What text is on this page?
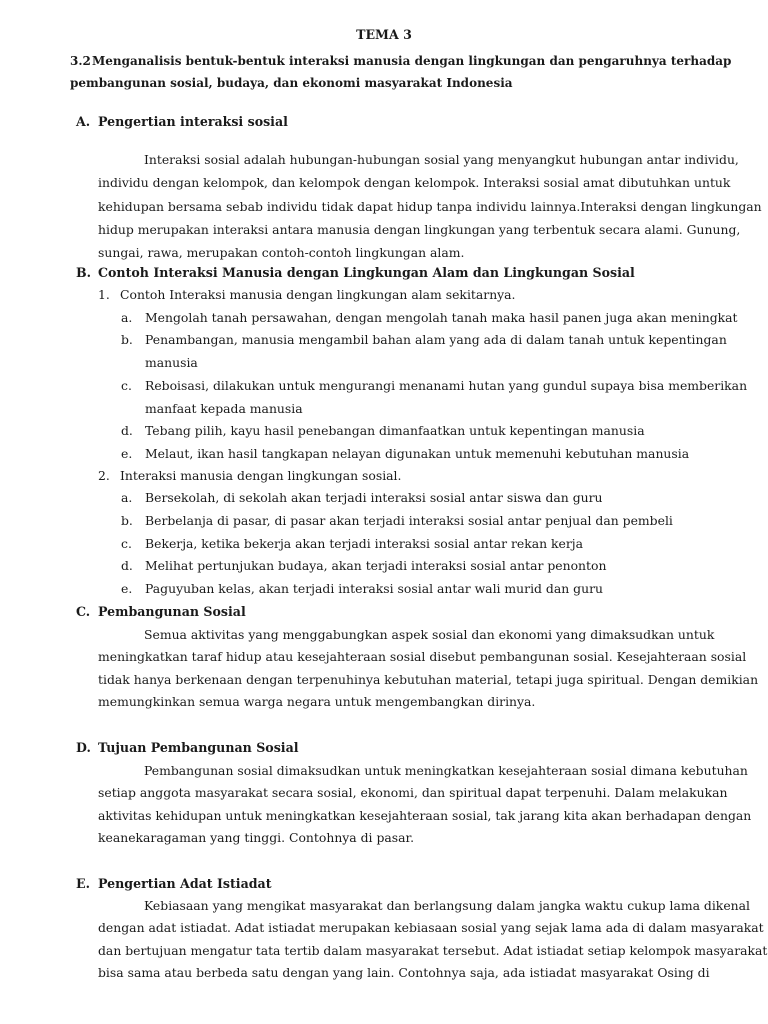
TEMA 3
3.2Menganalisis bentuk-bentuk interaksi manusia dengan lingkungan dan pengaruhnya terhadap
pembangunan sosial, budaya, dan ekonomi masyarakat Indonesia
A. Pengertian interaksi sosial
Interaksi sosial adalah hubungan-hubungan sosial yang menyangkut hubungan antar individu,
individu dengan kelompok, dan kelompok dengan kelompok. Interaksi sosial amat dibutuhkan untuk
kehidupan bersama sebab individu tidak dapat hidup tanpa individu lainnya.Interaksi dengan lingkungan
hidup merupakan interaksi antara manusia dengan lingkungan yang terbentuk secara alami. Gunung,
sungai, rawa, merupakan contoh-contoh lingkungan alam.
B. Contoh Interaksi Manusia dengan Lingkungan Alam dan Lingkungan Sosial
1. Contoh Interaksi manusia dengan lingkungan alam sekitarnya.
a. Mengolah tanah persawahan, dengan mengolah tanah maka hasil panen juga akan meningkat
b. Penambangan, manusia mengambil bahan alam yang ada di dalam tanah untuk kepentingan
manusia
c. Reboisasi, dilakukan untuk mengurangi menanami hutan yang gundul supaya bisa memberikan
manfaat kepada manusia
d. Tebang pilih, kayu hasil penebangan dimanfaatkan untuk kepentingan manusia
e. Melaut, ikan hasil tangkapan nelayan digunakan untuk memenuhi kebutuhan manusia
2. Interaksi manusia dengan lingkungan sosial.
a. Bersekolah, di sekolah akan terjadi interaksi sosial antar siswa dan guru
b. Berbelanja di pasar, di pasar akan terjadi interaksi sosial antar penjual dan pembeli
c. Bekerja, ketika bekerja akan terjadi interaksi sosial antar rekan kerja
d. Melihat pertunjukan budaya, akan terjadi interaksi sosial antar penonton
e. Paguyuban kelas, akan terjadi interaksi sosial antar wali murid dan guru
C. Pembangunan Sosial
Semua aktivitas yang menggabungkan aspek sosial dan ekonomi yang dimaksudkan untuk
meningkatkan taraf hidup atau kesejahteraan sosial disebut pembangunan sosial. Kesejahteraan sosial
tidak hanya berkenaan dengan terpenuhinya kebutuhan material, tetapi juga spiritual. Dengan demikian
memungkinkan semua warga negara untuk mengembangkan dirinya.
D. Tujuan Pembangunan Sosial
Pembangunan sosial dimaksudkan untuk meningkatkan kesejahteraan sosial dimana kebutuhan
setiap anggota masyarakat secara sosial, ekonomi, dan spiritual dapat terpenuhi. Dalam melakukan
aktivitas kehidupan untuk meningkatkan kesejahteraan sosial, tak jarang kita akan berhadapan dengan
keanekaragaman yang tinggi. Contohnya di pasar.
E. Pengertian Adat Istiadat
Kebiasaan yang mengikat masyarakat dan berlangsung dalam jangka waktu cukup lama dikenal
dengan adat istiadat. Adat istiadat merupakan kebiasaan sosial yang sejak lama ada di dalam masyarakat
dan bertujuan mengatur tata tertib dalam masyarakat tersebut. Adat istiadat setiap kelompok masyarakat
bisa sama atau berbeda satu dengan yang lain. Contohnya saja, ada istiadat masyarakat Osing di
